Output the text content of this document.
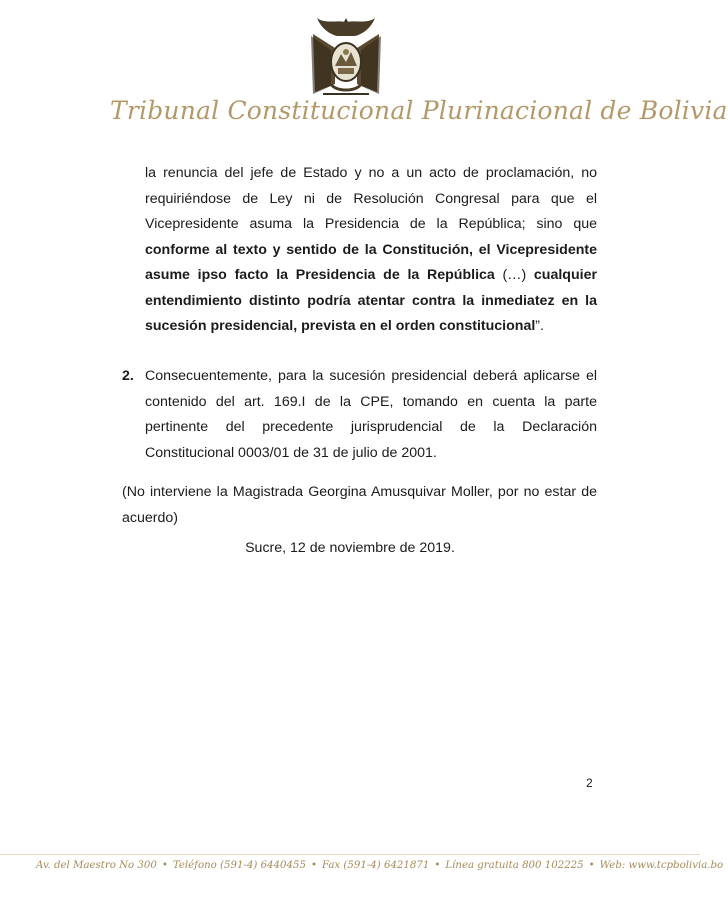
Tribunal Constitucional Plurinacional de Bolivia
la renuncia del jefe de Estado y no a un acto de proclamación, no requiriéndose de Ley ni de Resolución Congresal para que el Vicepresidente asuma la Presidencia de la República; sino que conforme al texto y sentido de la Constitución, el Vicepresidente asume ipso facto la Presidencia de la República (…) cualquier entendimiento distinto podría atentar contra la inmediatez en la sucesión presidencial, prevista en el orden constitucional”.
2. Consecuentemente, para la sucesión presidencial deberá aplicarse el contenido del art. 169.I de la CPE, tomando en cuenta la parte pertinente del precedente jurisprudencial de la Declaración Constitucional 0003/01 de 31 de julio de 2001.
(No interviene la Magistrada Georgina Amusquivar Moller, por no estar de acuerdo)
Sucre, 12 de noviembre de 2019.
2
Av. del Maestro No 300 • Teléfono (591-4) 6440455 • Fax (591-4) 6421871 • Línea gratuita 800 102225 • Web: www.tcpbolivia.bo
